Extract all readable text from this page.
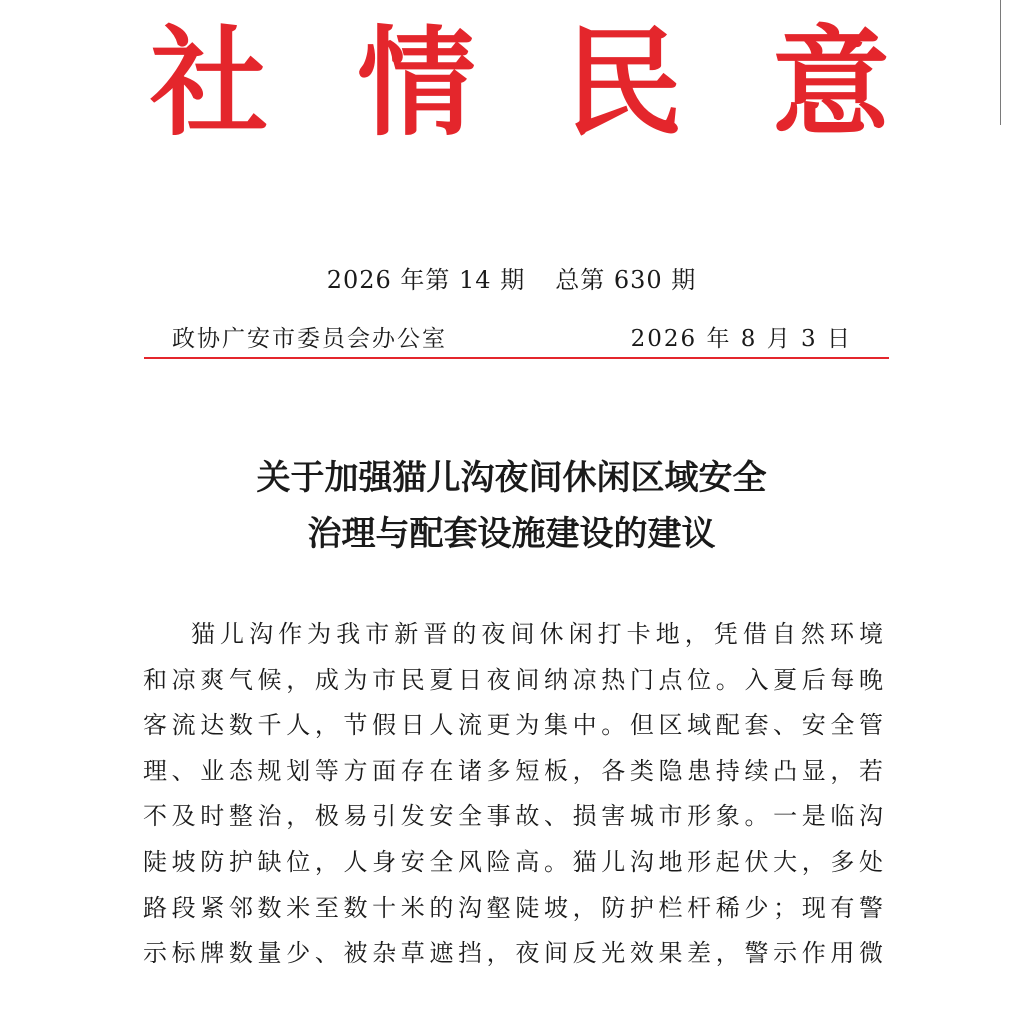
社 情 民 意
2026 年第 14 期 总第 630 期
政协广安市委员会办公室	2026 年 8 月 3 日
关于加强猫儿沟夜间休闲区域安全
治理与配套设施建设的建议
猫儿沟作为我市新晋的夜间休闲打卡地，凭借自然环境
和凉爽气候，成为市民夏日夜间纳凉热门点位。入夏后每晚
客流达数千人，节假日人流更为集中。但区域配套、安全管
理、业态规划等方面存在诸多短板，各类隐患持续凸显，若
不及时整治，极易引发安全事故、损害城市形象。一是临沟
陡坡防护缺位，人身安全风险高。猫儿沟地形起伏大，多处
路段紧邻数米至数十米的沟壑陡坡，防护栏杆稀少；现有警
示标牌数量少、被杂草遮挡，夜间反光效果差，警示作用微
